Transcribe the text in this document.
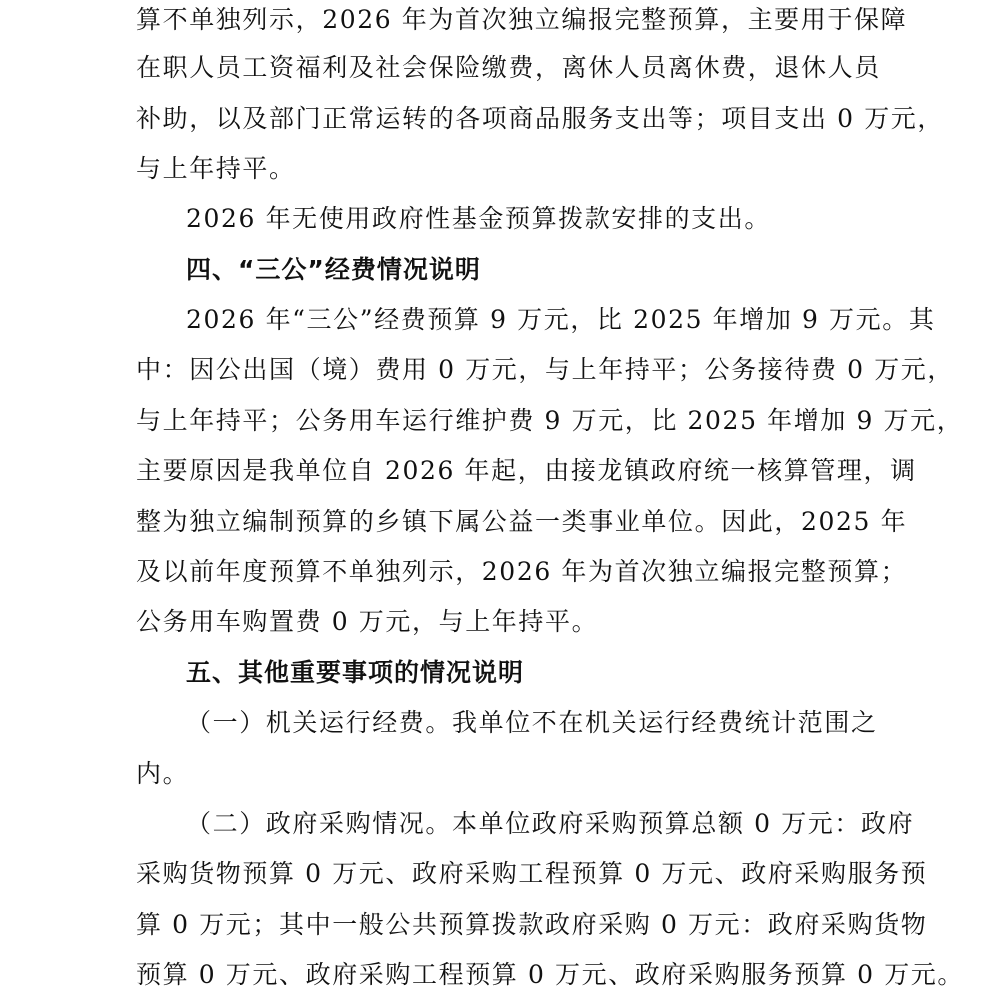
算不单独列示，2026 年为首次独立编报完整预算，主要用于保障
在职人员工资福利及社会保险缴费，离休人员离休费，退休人员
补助，以及部门正常运转的各项商品服务支出等；项目支出 0 万元，
与上年持平。
2026 年无使用政府性基金预算拨款安排的支出。
四、“三公”经费情况说明
2026 年“三公”经费预算 9 万元，比 2025 年增加 9 万元。其
中：因公出国（境）费用 0 万元，与上年持平；公务接待费 0 万元，
与上年持平；公务用车运行维护费 9 万元，比 2025 年增加 9 万元，
主要原因是我单位自 2026 年起，由接龙镇政府统一核算管理，调
整为独立编制预算的乡镇下属公益一类事业单位。因此，2025 年
及以前年度预算不单独列示，2026 年为首次独立编报完整预算；
公务用车购置费 0 万元，与上年持平。
五、其他重要事项的情况说明
（一）机关运行经费。我单位不在机关运行经费统计范围之
内。
（二）政府采购情况。本单位政府采购预算总额 0 万元：政府
采购货物预算 0 万元、政府采购工程预算 0 万元、政府采购服务预
算 0 万元；其中一般公共预算拨款政府采购 0 万元：政府采购货物
预算 0 万元、政府采购工程预算 0 万元、政府采购服务预算 0 万元。
